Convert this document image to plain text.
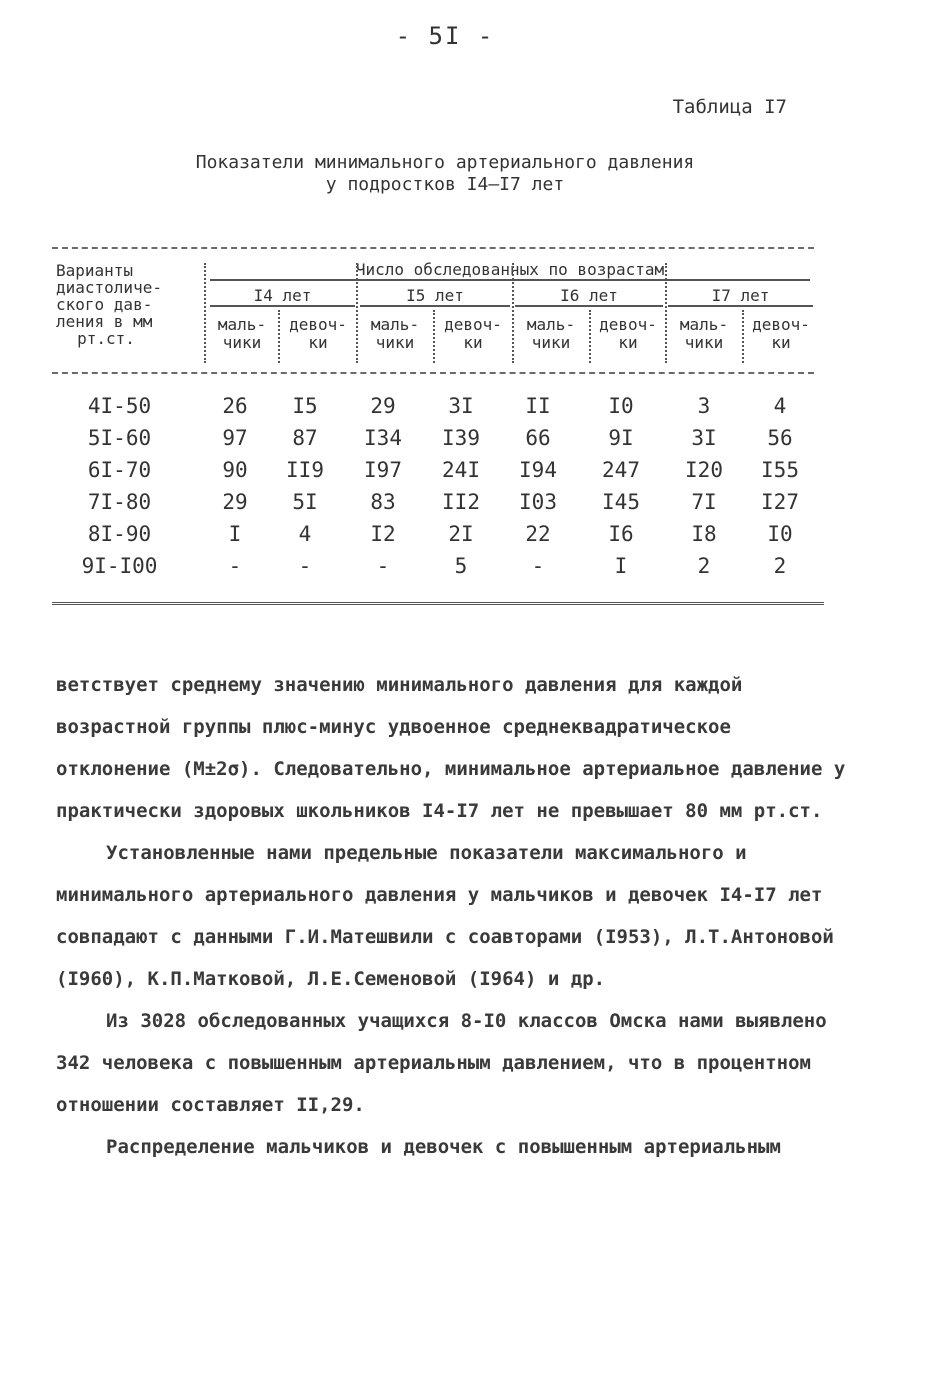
- 5I -
Таблица I7
Показатели минимального артериального давления
у подростков I4–I7 лет
Варианты
диастоличе-
ского дав-
ления в мм
рт.ст.
Число обследованных по возрастам
I4 лет	I5 лет	I6 лет	I7 лет
маль-
чики
девоч-
ки
маль-
чики
девоч-
ки
маль-
чики
девоч-
ки
маль-
чики
девоч-
ки
4I-50	26	I5	29	3I	II	I0	3	4
5I-60	97	87	I34	I39	66	9I	3I	56
6I-70	90	II9	I97	24I	I94	247	I20	I55
7I-80	29	5I	83	II2	I03	I45	7I	I27
8I-90	I	4	I2	2I	22	I6	I8	I0
9I-I00	-	-	-	5	-	I	2	2

ветствует среднему значению минимального давления для каждой возрастной группы плюс-минус удвоенное среднеквадратическое отклонение (M±2σ). Следовательно, минимальное артериальное давление у практически здоровых школьников I4-I7 лет не превышает 80 мм рт.ст.

Установленные нами предельные показатели максимального и минимального артериального давления у мальчиков и девочек I4-I7 лет совпадают с данными Г.И.Матешвили с соавторами (I953), Л.Т.Антоновой (I960), К.П.Матковой, Л.Е.Семеновой (I964) и др.

Из 3028 обследованных учащихся 8-I0 классов Омска нами выявлено 342 человека с повышенным артериальным давлением, что в процентном отношении составляет II,29.

Распределение мальчиков и девочек с повышенным артериальным
